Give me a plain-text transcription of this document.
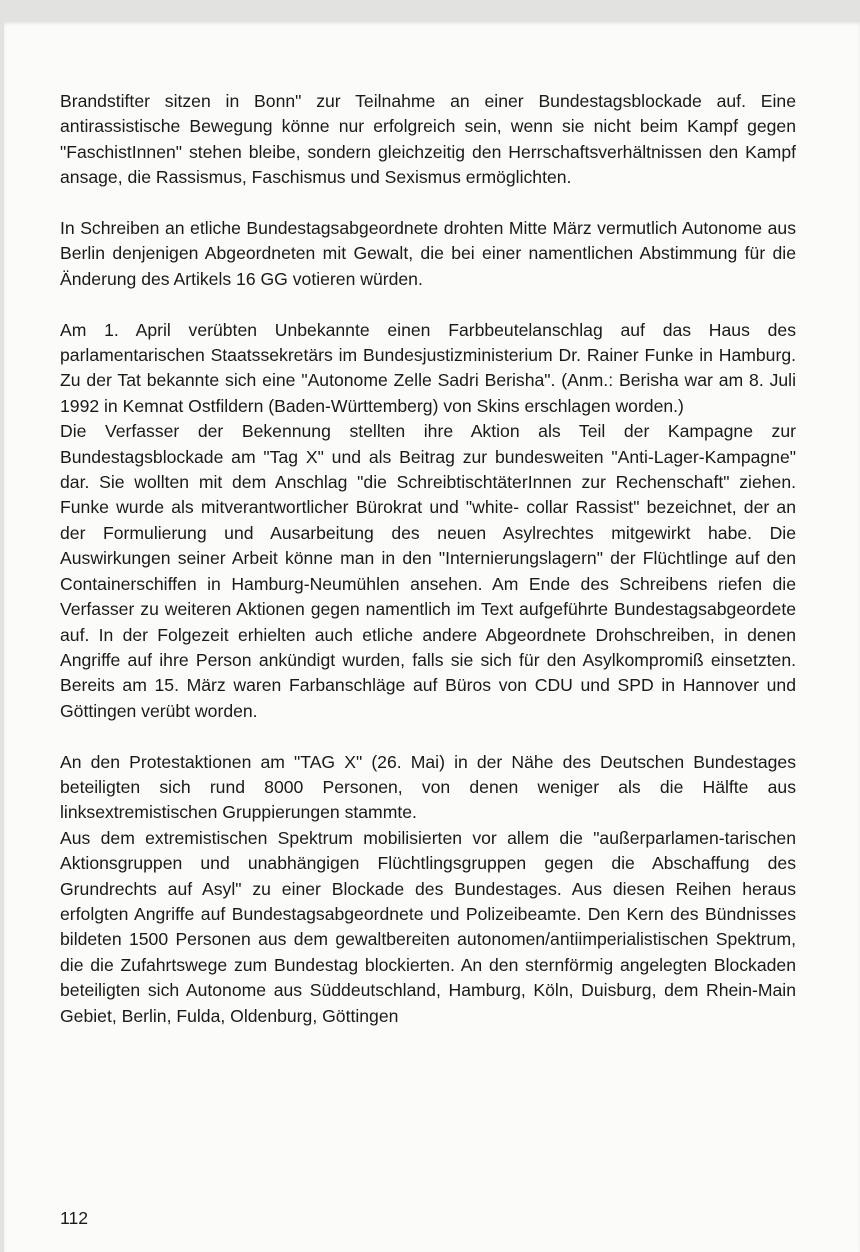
Brandstifter sitzen in Bonn" zur Teilnahme an einer Bundestagsblockade auf. Eine antirassistische Bewegung könne nur erfolgreich sein, wenn sie nicht beim Kampf gegen "FaschistInnen" stehen bleibe, sondern gleichzeitig den Herrschaftsverhältnissen den Kampf ansage, die Rassismus, Faschismus und Sexismus ermöglichten.

In Schreiben an etliche Bundestagsabgeordnete drohten Mitte März vermutlich Autonome aus Berlin denjenigen Abgeordneten mit Gewalt, die bei einer namentlichen Abstimmung für die Änderung des Artikels 16 GG votieren würden.

Am 1. April verübten Unbekannte einen Farbbeutelanschlag auf das Haus des parlamentarischen Staatssekretärs im Bundesjustizministerium Dr. Rainer Funke in Hamburg. Zu der Tat bekannte sich eine "Autonome Zelle Sadri Berisha". (Anm.: Berisha war am 8. Juli 1992 in Kemnat Ostfildern (Baden-Württemberg) von Skins erschlagen worden.)

Die Verfasser der Bekennung stellten ihre Aktion als Teil der Kampagne zur Bundestagsblockade am "Tag X" und als Beitrag zur bundesweiten "Anti-Lager-Kampagne" dar. Sie wollten mit dem Anschlag "die SchreibtischtäterInnen zur Rechenschaft" ziehen. Funke wurde als mitverantwortlicher Bürokrat und "white- collar Rassist" bezeichnet, der an der Formulierung und Ausarbeitung des neuen Asylrechtes mitgewirkt habe. Die Auswirkungen seiner Arbeit könne man in den "Internierungslagern" der Flüchtlinge auf den Containerschiffen in Hamburg-Neumühlen ansehen. Am Ende des Schreibens riefen die Verfasser zu weiteren Aktionen gegen namentlich im Text aufgeführte Bundestagsabgeordete auf. In der Folgezeit erhielten auch etliche andere Abgeordnete Drohschreiben, in denen Angriffe auf ihre Person ankündigt wurden, falls sie sich für den Asylkompromiß einsetzten. Bereits am 15. März waren Farbanschläge auf Büros von CDU und SPD in Hannover und Göttingen verübt worden.

An den Protestaktionen am "TAG X" (26. Mai) in der Nähe des Deutschen Bundestages beteiligten sich rund 8000 Personen, von denen weniger als die Hälfte aus linksextremistischen Gruppierungen stammte.

Aus dem extremistischen Spektrum mobilisierten vor allem die "außerparlamen-tarischen Aktionsgruppen und unabhängigen Flüchtlingsgruppen gegen die Abschaffung des Grundrechts auf Asyl" zu einer Blockade des Bundestages. Aus diesen Reihen heraus erfolgten Angriffe auf Bundestagsabgeordnete und Polizeibeamte. Den Kern des Bündnisses bildeten 1500 Personen aus dem gewaltbereiten autonomen/antiimperialistischen Spektrum, die die Zufahrtswege zum Bundestag blockierten. An den sternförmig angelegten Blockaden beteiligten sich Autonome aus Süddeutschland, Hamburg, Köln, Duisburg, dem Rhein-Main Gebiet, Berlin, Fulda, Oldenburg, Göttingen

112
